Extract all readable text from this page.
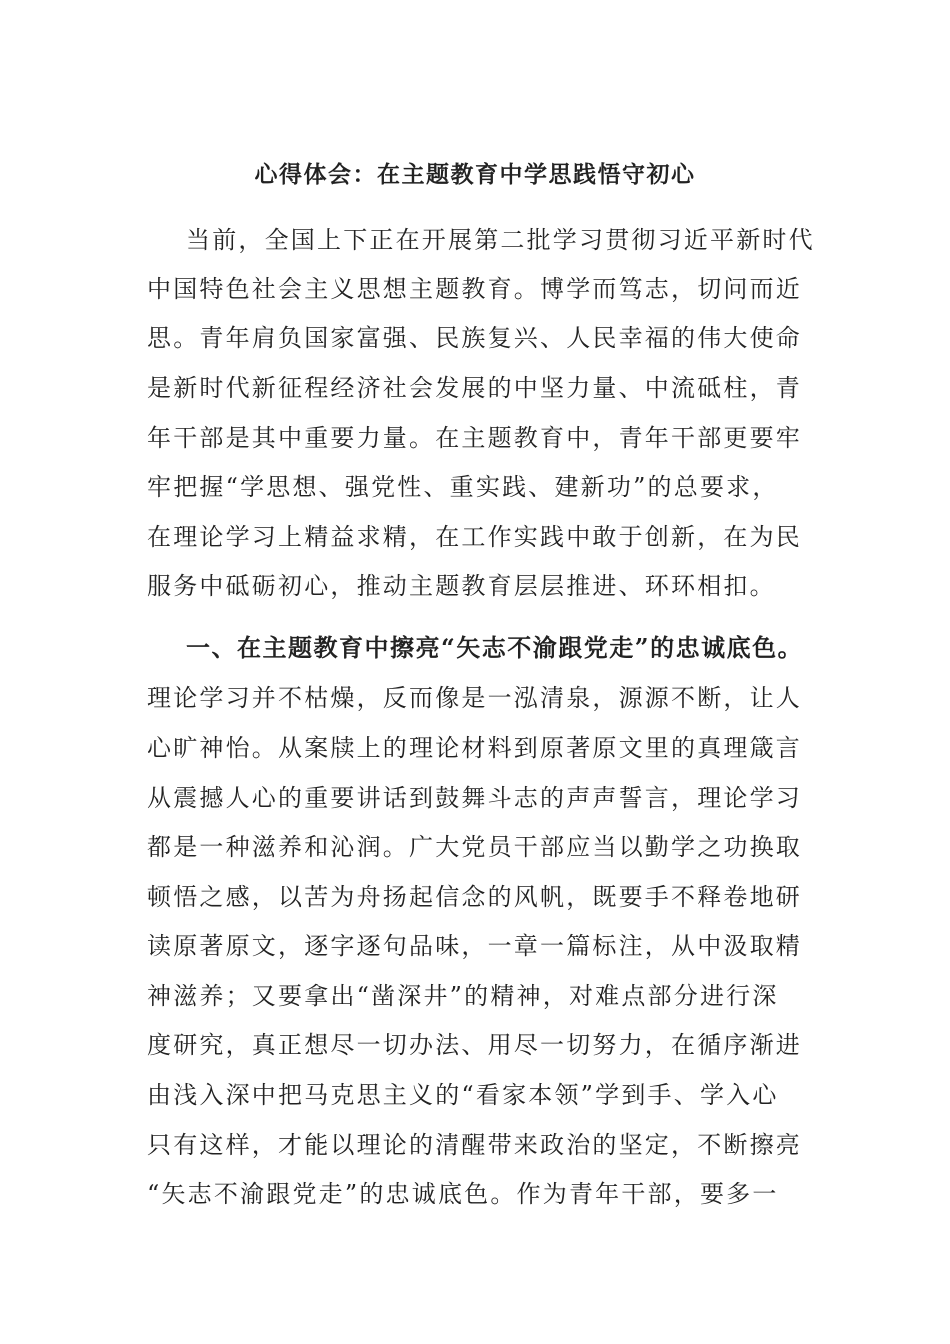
心得体会：在主题教育中学思践悟守初心
当前，全国上下正在开展第二批学习贯彻习近平新时代
中国特色社会主义思想主题教育。博学而笃志，切问而近
思。青年肩负国家富强、民族复兴、人民幸福的伟大使命
是新时代新征程经济社会发展的中坚力量、中流砥柱，青
年干部是其中重要力量。在主题教育中，青年干部更要牢
牢把握“学思想、强党性、重实践、建新功”的总要求，
在理论学习上精益求精，在工作实践中敢于创新，在为民
服务中砥砺初心，推动主题教育层层推进、环环相扣。
一、在主题教育中擦亮“矢志不渝跟党走”的忠诚底色。
理论学习并不枯燥，反而像是一泓清泉，源源不断，让人
心旷神怡。从案牍上的理论材料到原著原文里的真理箴言
从震撼人心的重要讲话到鼓舞斗志的声声誓言，理论学习
都是一种滋养和沁润。广大党员干部应当以勤学之功换取
顿悟之感，以苦为舟扬起信念的风帆，既要手不释卷地研
读原著原文，逐字逐句品味，一章一篇标注，从中汲取精
神滋养；又要拿出“凿深井”的精神，对难点部分进行深
度研究，真正想尽一切办法、用尽一切努力，在循序渐进
由浅入深中把马克思主义的“看家本领”学到手、学入心
只有这样，才能以理论的清醒带来政治的坚定，不断擦亮
“矢志不渝跟党走”的忠诚底色。作为青年干部，要多一
